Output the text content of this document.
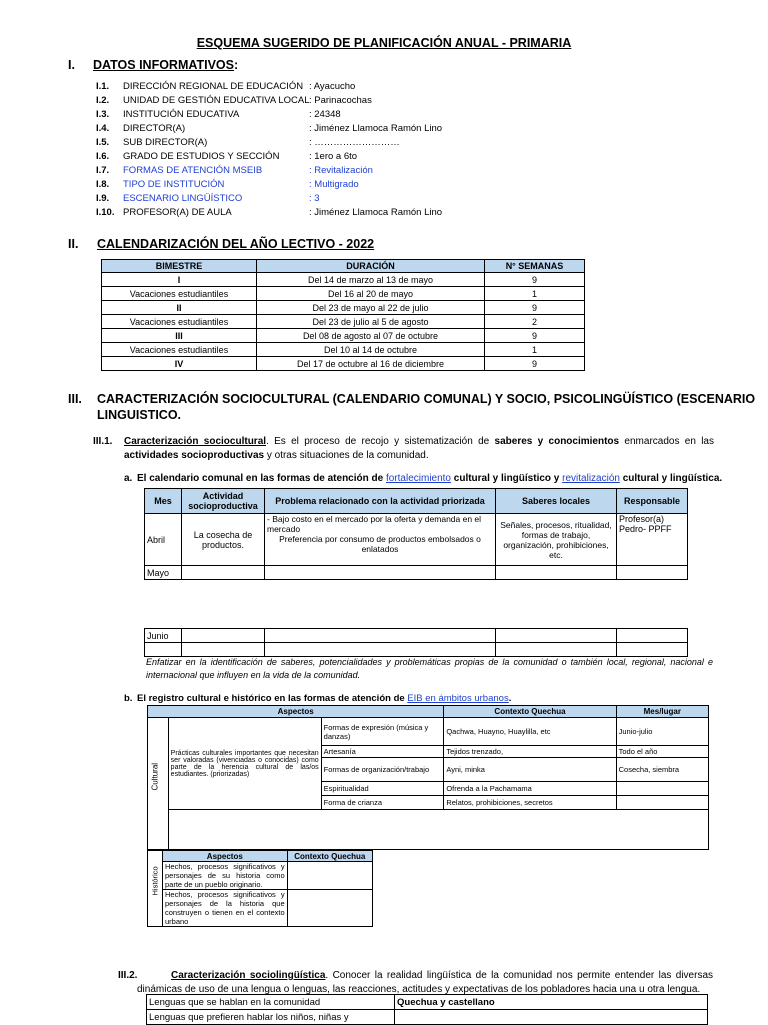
ESQUEMA SUGERIDO DE PLANIFICACIÓN ANUAL - PRIMARIA
I. DATOS INFORMATIVOS:
I.1. DIRECCIÓN REGIONAL DE EDUCACIÓN : Ayacucho
I.2. UNIDAD DE GESTIÓN EDUCATIVA LOCAL: Parinacochas
I.3. INSTITUCIÓN EDUCATIVA	: 24348
I.4. DIRECTOR(A)	: Jiménez Llamoca Ramón Lino
I.5. SUB DIRECTOR(A)	: ………………………
I.6. GRADO DE ESTUDIOS Y SECCIÓN	: 1ero a 6to
I.7. FORMAS DE ATENCIÓN MSEIB	: Revitalización
I.8. TIPO DE INSTITUCIÓN	: Multigrado
I.9. ESCENARIO LINGÜÍSTICO	: 3
I.10. PROFESOR(A) DE AULA	: Jiménez Llamoca Ramón Lino
II. CALENDARIZACIÓN DEL AÑO LECTIVO - 2022
BIMESTRE	DURACIÓN	N° SEMANAS
I	Del 14 de marzo al 13 de mayo	9
Vacaciones estudiantiles	Del 16 al 20 de mayo	1
II	Del 23 de mayo al 22 de julio	9
Vacaciones estudiantiles	Del 23 de julio al 5 de agosto	2
III	Del 08 de agosto al 07 de octubre	9
Vacaciones estudiantiles	Del 10 al 14 de octubre	1
IV	Del 17 de octubre al 16 de diciembre	9
III. CARACTERIZACIÓN SOCIOCULTURAL (CALENDARIO COMUNAL) Y SOCIO, PSICOLINGÜÍSTICO (ESCENARIO
LINGUISTICO.
III.1. Caracterización sociocultural. Es el proceso de recojo y sistematización de saberes y conocimientos enmarcados en las actividades socioproductivas y otras situaciones de la comunidad.
a. El calendario comunal en las formas de atención de fortalecimiento cultural y lingüístico y revitalización cultural y lingüística.
Mes	Actividad socioproductiva	Problema relacionado con la actividad priorizada	Saberes locales	Responsable
Abril	La cosecha de productos.	- Bajo costo en el mercado por la oferta y demanda en el mercado
Preferencia por consumo de productos embolsados o enlatados	Señales, procesos, ritualidad, formas de trabajo, organización, prohibiciones, etc.	Profesor(a) Pedro- PPFF
Mayo				
Junio				

Enfatizar en la identificación de saberes, potencialidades y problemáticas propias de la comunidad o también local, regional, nacional e internacional que influyen en la vida de la comunidad.
b. El registro cultural e histórico en las formas de atención de EIB en ámbitos urbanos.
Aspectos			Contexto Quechua	Mes/lugar

Cultural	Prácticas culturales importantes que necesitan ser valoradas (vivenciadas o conocidas) como parte de la herencia cultural de las/os estudiantes. (priorizadas)	Formas de expresión (música y danzas)	Qachwa, Huayno, Huaylilla, etc	Junio-julio
		Artesanía	Tejidos trenzado,	Todo el año
		Formas de organización/trabajo	Ayni, minka	Cosecha, siembra
		Espiritualidad	Ofrenda a la Pachamama	
		Forma de crianza	Relatos, prohibiciones, secretos	

Histórico	Aspectos	Contexto Quechua
	Hechos, procesos significativos y personajes de su historia como parte de un pueblo originario.	
	Hechos, procesos significativos y personajes de la historia que construyen o tienen en el contexto urbano	
III.2.	Caracterización sociolingüística. Conocer la realidad lingüística de la comunidad nos permite entender las diversas dinámicas de uso de una lengua o lenguas, las reacciones, actitudes y expectativas de los pobladores hacia una u otra lengua.
Lenguas que se hablan en la comunidad	Quechua y castellano
Lenguas que prefieren hablar los niños, niñas y	
